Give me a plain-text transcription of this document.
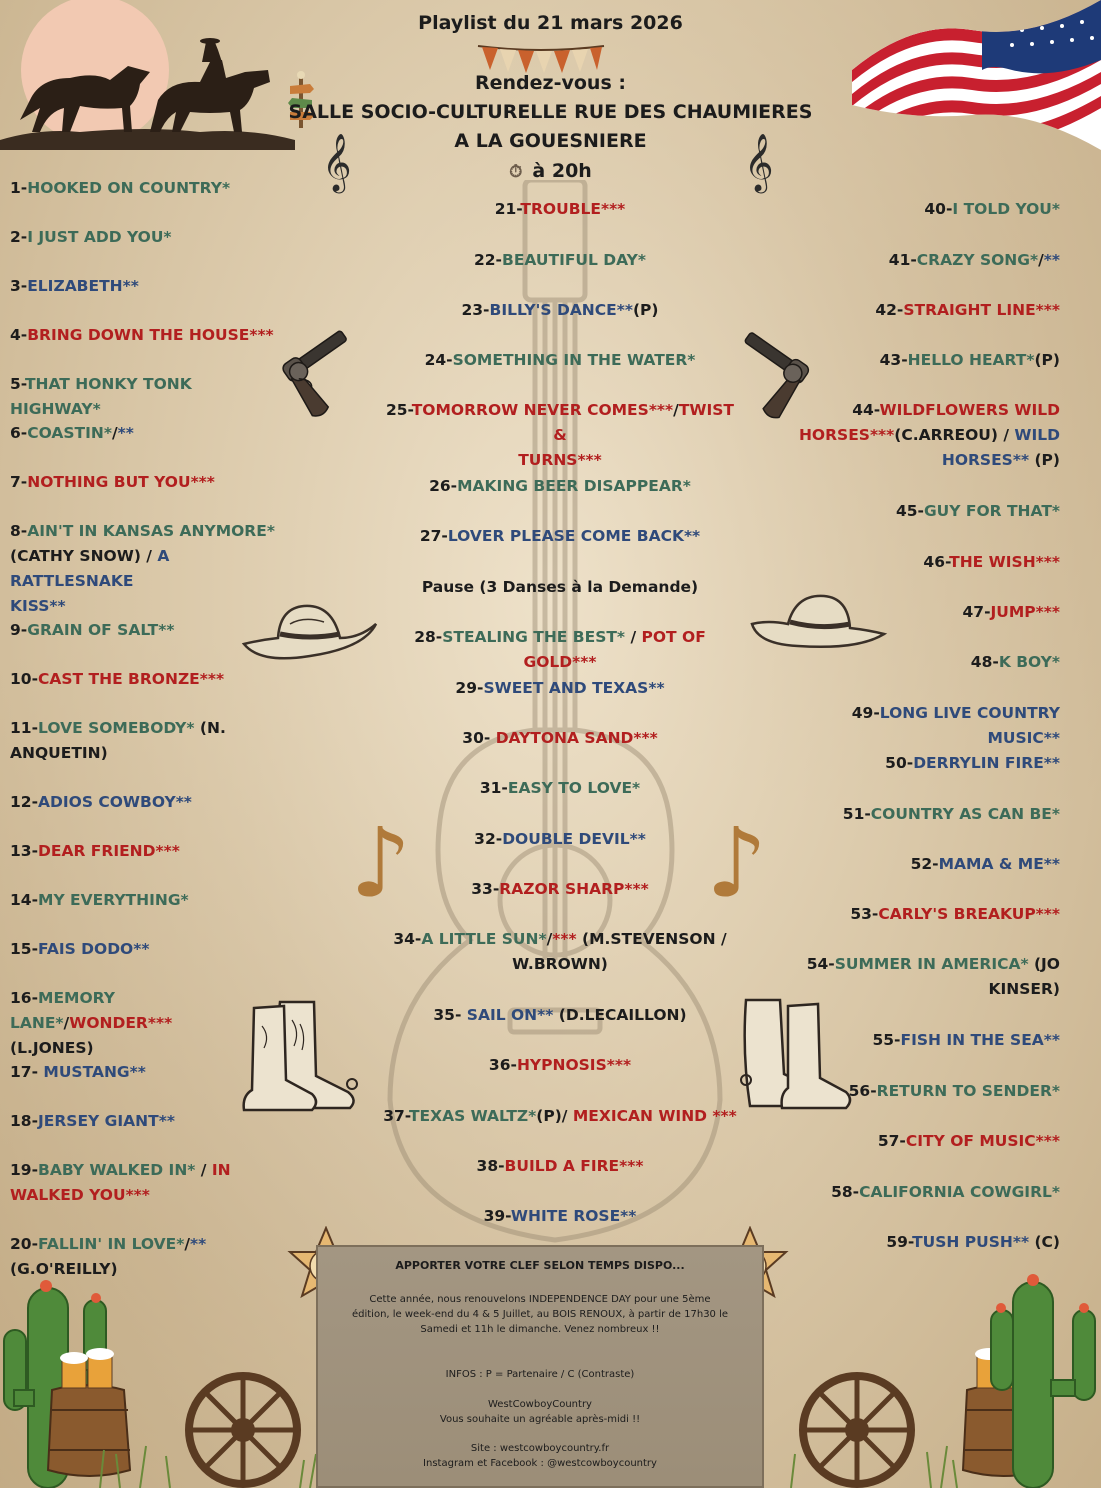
Playlist du 21 mars 2026
Rendez-vous :
SALLE SOCIO-CULTURELLE RUE DES CHAUMIERES
A LA GOUESNIERE
⏱ à 20h
𝄞	𝄞
♪	♪
APPORTER VOTRE CLEF SELON TEMPS DISPO...
Cette année, nous renouvelons INDEPENDENCE DAY pour une 5ème
édition, le week-end du 4 & 5 Juillet, au BOIS RENOUX, à partir de 17h30 le
Samedi et 11h le dimanche. Venez nombreux !!
INFOS : P = Partenaire / C (Contraste)
WestCowboyCountry
Vous souhaite un agréable après-midi !!
Site : westcowboycountry.fr
Instagram et Facebook : @westcowboycountry
1-HOOKED ON COUNTRY*
2-I JUST ADD YOU*
3-ELIZABETH**
4-BRING DOWN THE HOUSE***
5-THAT HONKY TONK HIGHWAY*
6-COASTIN*/**
7-NOTHING BUT YOU***
8-AIN'T IN KANSAS ANYMORE*
(CATHY SNOW) / A RATTLESNAKE
KISS**
9-GRAIN OF SALT**
10-CAST THE BRONZE***
11-LOVE SOMEBODY* (N.
ANQUETIN)
12-ADIOS COWBOY**
13-DEAR FRIEND***
14-MY EVERYTHING*
15-FAIS DODO**
16-MEMORY LANE*/WONDER***
(L.JONES)
17- MUSTANG**
18-JERSEY GIANT**
19-BABY WALKED IN* / IN
WALKED YOU***
20-FALLIN' IN LOVE*/**
(G.O'REILLY)
21-TROUBLE***
22-BEAUTIFUL DAY*
23-BILLY'S DANCE**(P)
24-SOMETHING IN THE WATER*
25-TOMORROW NEVER COMES***/TWIST &
TURNS***
26-MAKING BEER DISAPPEAR*
27-LOVER PLEASE COME BACK**
Pause (3 Danses à la Demande)
28-STEALING THE BEST* / POT OF GOLD***
29-SWEET AND TEXAS**
30- DAYTONA SAND***
31-EASY TO LOVE*
32-DOUBLE DEVIL**
33-RAZOR SHARP***
34-A LITTLE SUN*/*** (M.STEVENSON /
W.BROWN)
35- SAIL ON** (D.LECAILLON)
36-HYPNOSIS***
37-TEXAS WALTZ*(P)/ MEXICAN WIND ***
38-BUILD A FIRE***
39-WHITE ROSE**
40-I TOLD YOU*
41-CRAZY SONG*/**
42-STRAIGHT LINE***
43-HELLO HEART*(P)
44-WILDFLOWERS WILD
HORSES***(C.ARREOU) / WILD
HORSES** (P)
45-GUY FOR THAT*
46-THE WISH***
47-JUMP***
48-K BOY*
49-LONG LIVE COUNTRY MUSIC**
50-DERRYLIN FIRE**
51-COUNTRY AS CAN BE*
52-MAMA & ME**
53-CARLY'S BREAKUP***
54-SUMMER IN AMERICA* (JO
KINSER)
55-FISH IN THE SEA**
56-RETURN TO SENDER*
57-CITY OF MUSIC***
58-CALIFORNIA COWGIRL*
59-TUSH PUSH** (C)
